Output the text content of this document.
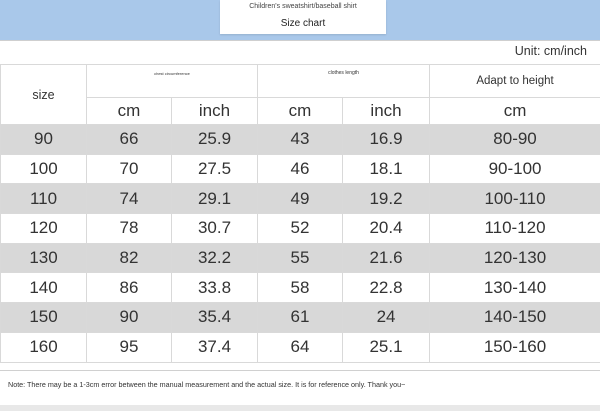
Children's sweatshirt/baseball shirt
Size chart
Unit: cm/inch
size	chest circumference		clothes length		Adapt to height
	cm	inch	cm	inch	cm
90	66	25.9	43	16.9	80-90
100	70	27.5	46	18.1	90-100
110	74	29.1	49	19.2	100-110
120	78	30.7	52	20.4	110-120
130	82	32.2	55	21.6	120-130
140	86	33.8	58	22.8	130-140
150	90	35.4	61	24	140-150
160	95	37.4	64	25.1	150-160
Note: There may be a 1-3cm error between the manual measurement and the actual size. It is for reference only. Thank you~
